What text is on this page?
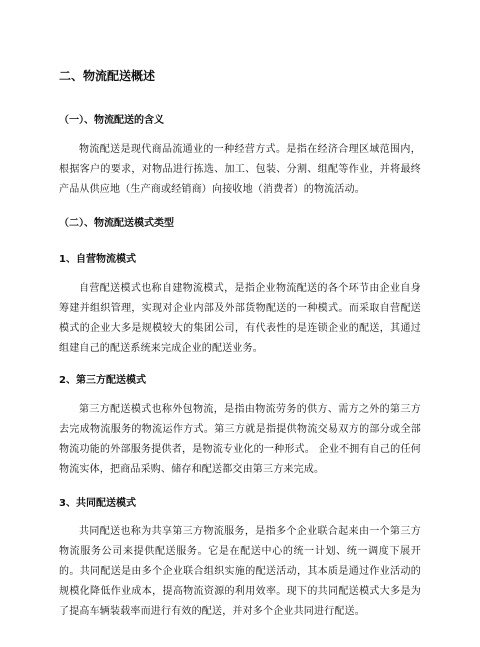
二、物流配送概述
（一）、物流配送的含义
物流配送是现代商品流通业的一种经营方式。是指在经济合理区域范围内，根据客户的要求，对物品进行拣选、加工、包装、分割、组配等作业，并将最终产品从供应地（生产商或经销商）向接收地（消费者）的物流活动。
（二）、物流配送模式类型
1、自营物流模式
自营配送模式也称自建物流模式，是指企业物流配送的各个环节由企业自身筹建并组织管理，实现对企业内部及外部货物配送的一种模式。而采取自营配送模式的企业大多是规模较大的集团公司，有代表性的是连锁企业的配送，其通过组建自己的配送系统来完成企业的配送业务。
2、第三方配送模式
第三方配送模式也称外包物流，是指由物流劳务的供方、需方之外的第三方去完成物流服务的物流运作方式。第三方就是指提供物流交易双方的部分或全部物流功能的外部服务提供者，是物流专业化的一种形式。 企业不拥有自己的任何物流实体，把商品采购、储存和配送都交由第三方来完成。
3、共同配送模式
共同配送也称为共享第三方物流服务，是指多个企业联合起来由一个第三方物流服务公司来提供配送服务。它是在配送中心的统一计划、统一调度下展开的。共同配送是由多个企业联合组织实施的配送活动，其本质是通过作业活动的规模化降低作业成本，提高物流资源的利用效率。现下的共同配送模式大多是为了提高车辆装载率而进行有效的配送，并对多个企业共同进行配送。
